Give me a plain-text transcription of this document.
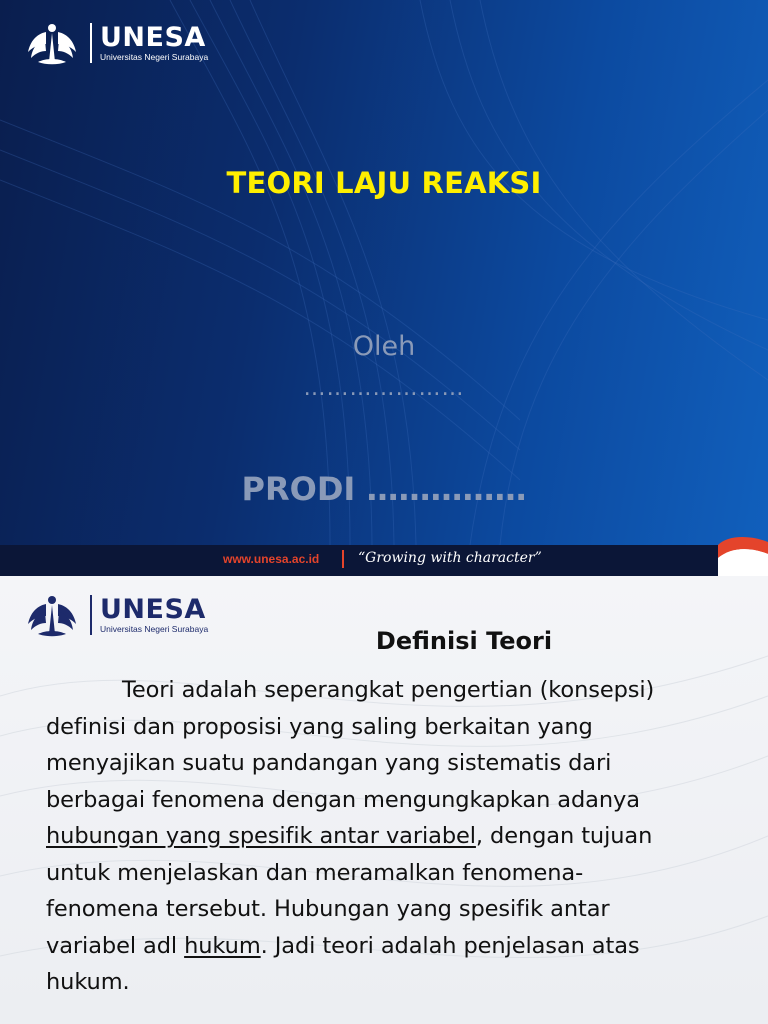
UNESA
Universitas Negeri Surabaya
TEORI LAJU REAKSI
Oleh
…………………
PRODI ……………
www.unesa.ac.id	“Growing with character”
UNESA
Universitas Negeri Surabaya	Definisi Teori
Teori adalah seperangkat pengertian (konsepsi)
definisi dan proposisi yang saling berkaitan yang
menyajikan suatu pandangan yang sistematis dari
berbagai fenomena dengan mengungkapkan adanya
hubungan yang spesifik antar variabel, dengan tujuan
untuk menjelaskan dan meramalkan fenomena-
fenomena tersebut. Hubungan yang spesifik antar
variabel adl hukum. Jadi teori adalah penjelasan atas
hukum.
